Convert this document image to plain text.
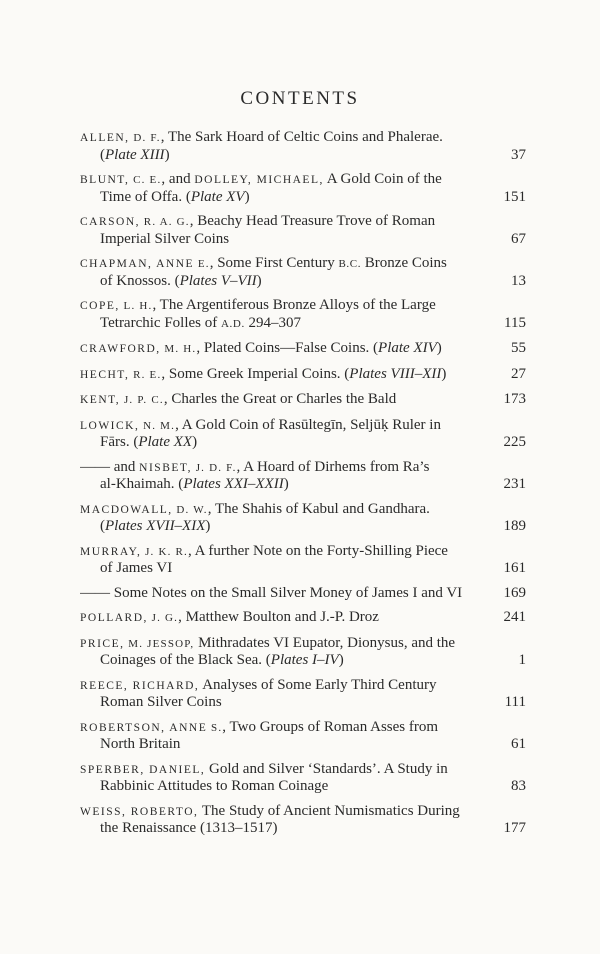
CONTENTS
ALLEN, D. F., The Sark Hoard of Celtic Coins and Phalerae.
(Plate XIII)	37
BLUNT, C. E., and DOLLEY, MICHAEL, A Gold Coin of the
Time of Offa. (Plate XV)	151
CARSON, R. A. G., Beachy Head Treasure Trove of Roman
Imperial Silver Coins	67
CHAPMAN, ANNE E., Some First Century B.C. Bronze Coins
of Knossos. (Plates V–VII)	13
COPE, L. H., The Argentiferous Bronze Alloys of the Large
Tetrarchic Folles of A.D. 294–307	115
CRAWFORD, M. H., Plated Coins—False Coins. (Plate XIV)	55
HECHT, R. E., Some Greek Imperial Coins. (Plates VIII–XII)	27
KENT, J. P. C., Charles the Great or Charles the Bald	173
LOWICK, N. M., A Gold Coin of Rasūltegīn, Seljūḳ Ruler in
Fārs. (Plate XX)	225
—— and NISBET, J. D. F., A Hoard of Dirhems from Ra’s
al-Khaimah. (Plates XXI–XXII)	231
MACDOWALL, D. W., The Shahis of Kabul and Gandhara.
(Plates XVII–XIX)	189
MURRAY, J. K. R., A further Note on the Forty-Shilling Piece
of James VI	161
—— Some Notes on the Small Silver Money of James I and VI	169
POLLARD, J. G., Matthew Boulton and J.-P. Droz	241
PRICE, M. JESSOP, Mithradates VI Eupator, Dionysus, and the
Coinages of the Black Sea. (Plates I–IV)	1
REECE, RICHARD, Analyses of Some Early Third Century
Roman Silver Coins	111
ROBERTSON, ANNE S., Two Groups of Roman Asses from
North Britain	61
SPERBER, DANIEL, Gold and Silver ‘Standards’. A Study in
Rabbinic Attitudes to Roman Coinage	83
WEISS, ROBERTO, The Study of Ancient Numismatics During
the Renaissance (1313–1517)	177
